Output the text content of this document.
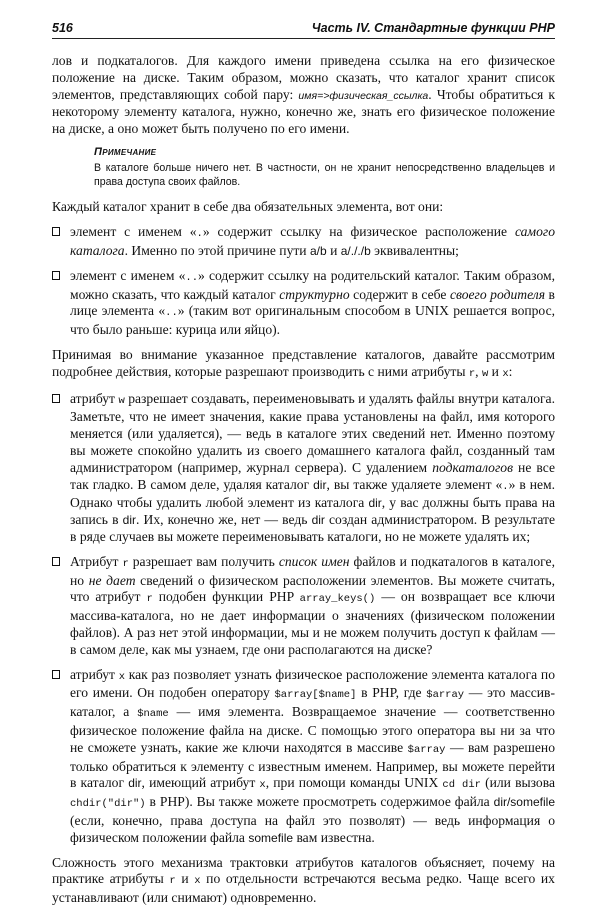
516	Часть IV. Стандартные функции PHP

лов и подкаталогов. Для каждого имени приведена ссылка на его физическое положение на диске. Таким образом, можно сказать, что каталог хранит список элементов, представляющих собой пару: имя=>физическая_ссылка. Чтобы обратиться к некоторому элементу каталога, нужно, конечно же, знать его физическое положение на диске, а оно может быть получено по его имени.

Примечание
В каталоге больше ничего нет. В частности, он не хранит непосредственно владельцев и права доступа своих файлов.

Каждый каталог хранит в себе два обязательных элемента, вот они:

элемент с именем «.» содержит ссылку на физическое расположение самого каталога. Именно по этой причине пути a/b и a/././b эквивалентны;
элемент с именем «..» содержит ссылку на родительский каталог. Таким образом, можно сказать, что каждый каталог структурно содержит в себе своего родителя в лице элемента «..» (таким вот оригинальным способом в UNIX решается вопрос, что было раньше: курица или яйцо).

Принимая во внимание указанное представление каталогов, давайте рассмотрим подробнее действия, которые разрешают производить с ними атрибуты r, w и x:

атрибут w разрешает создавать, переименовывать и удалять файлы внутри каталога. Заметьте, что не имеет значения, какие права установлены на файл, имя которого меняется (или удаляется), — ведь в каталоге этих сведений нет. Именно поэтому вы можете спокойно удалить из своего домашнего каталога файл, созданный там администратором (например, журнал сервера). С удалением подкаталогов не все так гладко. В самом деле, удаляя каталог dir, вы также удаляете элемент «.» в нем. Однако чтобы удалить любой элемент из каталога dir, у вас должны быть права на запись в dir. Их, конечно же, нет — ведь dir создан администратором. В результате в ряде случаев вы можете переименовывать каталоги, но не можете удалять их;
Атрибут r разрешает вам получить список имен файлов и подкаталогов в каталоге, но не дает сведений о физическом расположении элементов. Вы можете считать, что атрибут r подобен функции PHP array_keys() — он возвращает все ключи массива-каталога, но не дает информации о значениях (физическом положении файлов). А раз нет этой информации, мы и не можем получить доступ к файлам — в самом деле, как мы узнаем, где они располагаются на диске?
атрибут x как раз позволяет узнать физическое расположение элемента каталога по его имени. Он подобен оператору $array[$name] в PHP, где $array — это массив-каталог, а $name — имя элемента. Возвращаемое значение — соответственно физическое положение файла на диске. С помощью этого оператора вы ни за что не сможете узнать, какие же ключи находятся в массиве $array — вам разрешено только обратиться к элементу с известным именем. Например, вы можете перейти в каталог dir, имеющий атрибут x, при помощи команды UNIX cd dir (или вызова chdir("dir") в PHP). Вы также можете просмотреть содержимое файла dir/somefile (если, конечно, права доступа на файл это позволят) — ведь информация о физическом положении файла somefile вам известна.

Сложность этого механизма трактовки атрибутов каталогов объясняет, почему на практике атрибуты r и x по отдельности встречаются весьма редко. Чаще всего их устанавливают (или снимают) одновременно.
